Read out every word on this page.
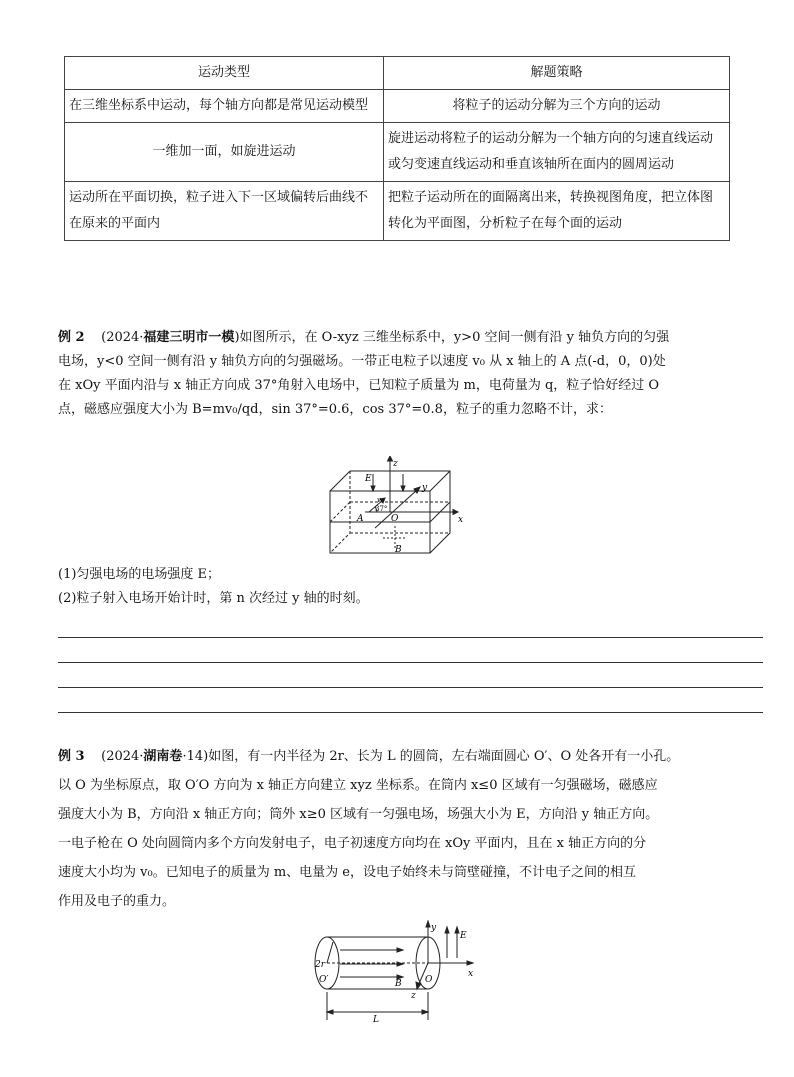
运动类型	解题策略
在三维坐标系中运动，每个轴方向都是常见运动模型	将粒子的运动分解为三个方向的运动
一维加一面，如旋进运动	旋进运动将粒子的运动分解为一个轴方向的匀速直线运动或匀变速直线运动和垂直该轴所在面内的圆周运动
运动所在平面切换，粒子进入下一区域偏转后曲线不在原来的平面内	把粒子运动所在的面隔离出来，转换视图角度，把立体图转化为平面图，分析粒子在每个面的运动
例 2 (2024·福建三明市一模)如图所示，在 O-xyz 三维坐标系中，y>0 空间一侧有沿 y 轴负方向的匀强
电场，y<0 空间一侧有沿 y 轴负方向的匀强磁场。一带正电粒子以速度 v₀ 从 x 轴上的 A 点(-d，0，0)处
在 xOy 平面内沿与 x 轴正方向成 37°角射入电场中，已知粒子质量为 m，电荷量为 q，粒子恰好经过 O
点，磁感应强度大小为 B=mv₀/qd，sin 37°=0.6，cos 37°=0.8，粒子的重力忽略不计，求：
z
y
x
E
v₀
37°
A	O
B
(1)匀强电场的电场强度 E；
(2)粒子射入电场开始计时，第 n 次经过 y 轴的时刻。
例 3 (2024·湖南卷·14)如图，有一内半径为 2r、长为 L 的圆筒，左右端面圆心 O′、O 处各开有一小孔。
以 O 为坐标原点，取 O′O 方向为 x 轴正方向建立 xyz 坐标系。在筒内 x≤0 区域有一匀强磁场，磁感应
强度大小为 B，方向沿 x 轴正方向；筒外 x≥0 区域有一匀强电场，场强大小为 E，方向沿 y 轴正方向。
一电子枪在 O 处向圆筒内多个方向发射电子，电子初速度方向均在 xOy 平面内，且在 x 轴正方向的分
速度大小均为 v₀。已知电子的质量为 m、电量为 e，设电子始终未与筒壁碰撞，不计电子之间的相互
作用及电子的重力。
y
E
x
2r
O′	B	O
z
L
